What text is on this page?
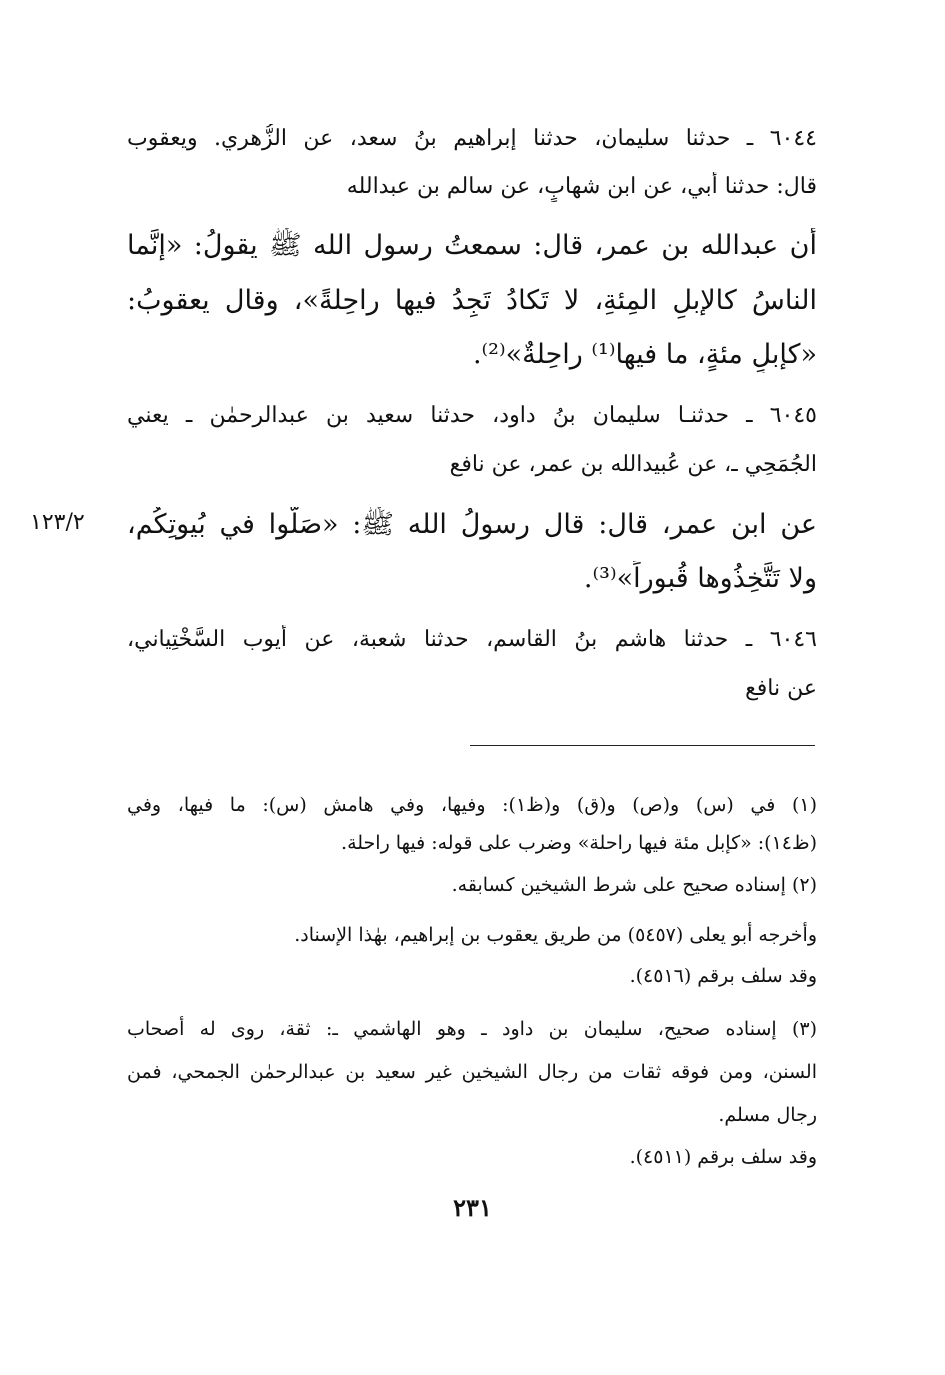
٦٠٤٤ ـ حدثنا سليمان، حدثنا إبراهيم بنُ سعد، عن الزُّهري. ويعقوب
قال: حدثنا أبي، عن ابن شهابٍ، عن سالم بن عبدالله
أن عبدالله بن عمر، قال: سمعتُ رسول الله ﷺ يقولُ: «إنَّما
الناسُ كالإبلِ المِئةِ، لا تَكادُ تَجِدُ فيها راحِلةً»، وقال يعقوبُ:
«كإبلٍ مئةٍ، ما فيها⁽¹⁾ راحِلةٌ»⁽²⁾.
٦٠٤٥ ـ حدثنـا سليمان بنُ داود، حدثنا سعيد بن عبدالرحمٰن ـ يعني
الجُمَحِي ـ، عن عُبيدالله بن عمر، عن نافع
عن ابن عمر، قال: قال رسولُ الله ﷺ: «صَلُّوا في بُيوتِكُم،
ولا تَتَّخِذُوها قُبوراً»⁽³⁾.
١٢٣/٢
٦٠٤٦ ـ حدثنا هاشم بنُ القاسم، حدثنا شعبة، عن أيوب السَّخْتِياني،
عن نافع
(١) في (س) و(ص) و(ق) و(ظ١): وفيها، وفي هامش (س): ما فيها، وفي
(ظ١٤): «كإبل مئة فيها راحلة» وضرب على قوله: فيها راحلة.
(٢) إسناده صحيح على شرط الشيخين كسابقه.
وأخرجه أبو يعلى (٥٤٥٧) من طريق يعقوب بن إبراهيم، بهٰذا الإسناد.
وقد سلف برقم (٤٥١٦).
(٣) إسناده صحيح، سليمان بن داود ـ وهو الهاشمي ـ: ثقة، روى له أصحاب
السنن، ومن فوقه ثقات من رجال الشيخين غير سعيد بن عبدالرحمٰن الجمحي، فمن
رجال مسلم.
وقد سلف برقم (٤٥١١).
٢٣١
